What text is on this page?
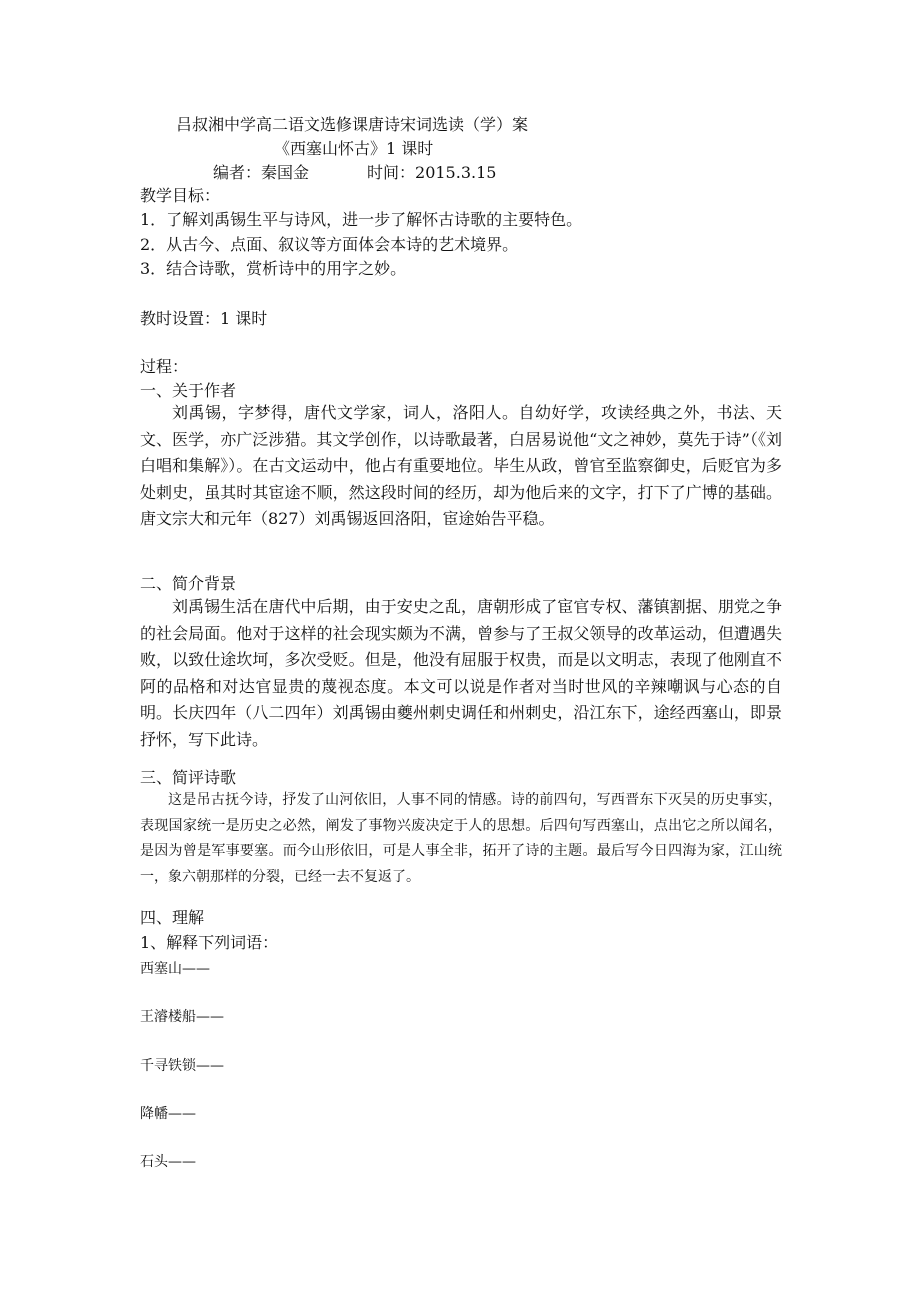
吕叔湘中学高二语文选修课唐诗宋词选读（学）案
《西塞山怀古》1 课时
编者：秦国金	时间：2015.3.15
教学目标：
1．了解刘禹锡生平与诗风，进一步了解怀古诗歌的主要特色。
2．从古今、点面、叙议等方面体会本诗的艺术境界。
3．结合诗歌，赏析诗中的用字之妙。
教时设置：1 课时
过程：
一、关于作者
刘禹锡，字梦得，唐代文学家，词人，洛阳人。自幼好学，攻读经典之外，书法、天文、医学，亦广泛涉猎。其文学创作，以诗歌最著，白居易说他“文之神妙，莫先于诗”（《刘白唱和集解》）。在古文运动中，他占有重要地位。毕生从政，曾官至监察御史，后贬官为多处刺史，虽其时其宦途不顺，然这段时间的经历，却为他后来的文字，打下了广博的基础。唐文宗大和元年（827）刘禹锡返回洛阳，宦途始告平稳。
二、简介背景
刘禹锡生活在唐代中后期，由于安史之乱，唐朝形成了宦官专权、藩镇割据、朋党之争的社会局面。他对于这样的社会现实颇为不满，曾参与了王叔父领导的改革运动，但遭遇失败，以致仕途坎坷，多次受贬。但是，他没有屈服于权贵，而是以文明志，表现了他刚直不阿的品格和对达官显贵的蔑视态度。本文可以说是作者对当时世风的辛辣嘲讽与心态的自明。长庆四年（八二四年）刘禹锡由夔州刺史调任和州刺史，沿江东下，途经西塞山，即景抒怀，写下此诗。
三、简评诗歌
这是吊古抚今诗，抒发了山河依旧，人事不同的情感。诗的前四句，写西晋东下灭吴的历史事实，表现国家统一是历史之必然，阐发了事物兴废决定于人的思想。后四句写西塞山，点出它之所以闻名，是因为曾是军事要塞。而今山形依旧，可是人事全非，拓开了诗的主题。最后写今日四海为家，江山统一，象六朝那样的分裂，已经一去不复返了。
四、理解
1、解释下列词语：
西塞山——
王濬楼船——
千寻铁锁——
降幡——
石头——
